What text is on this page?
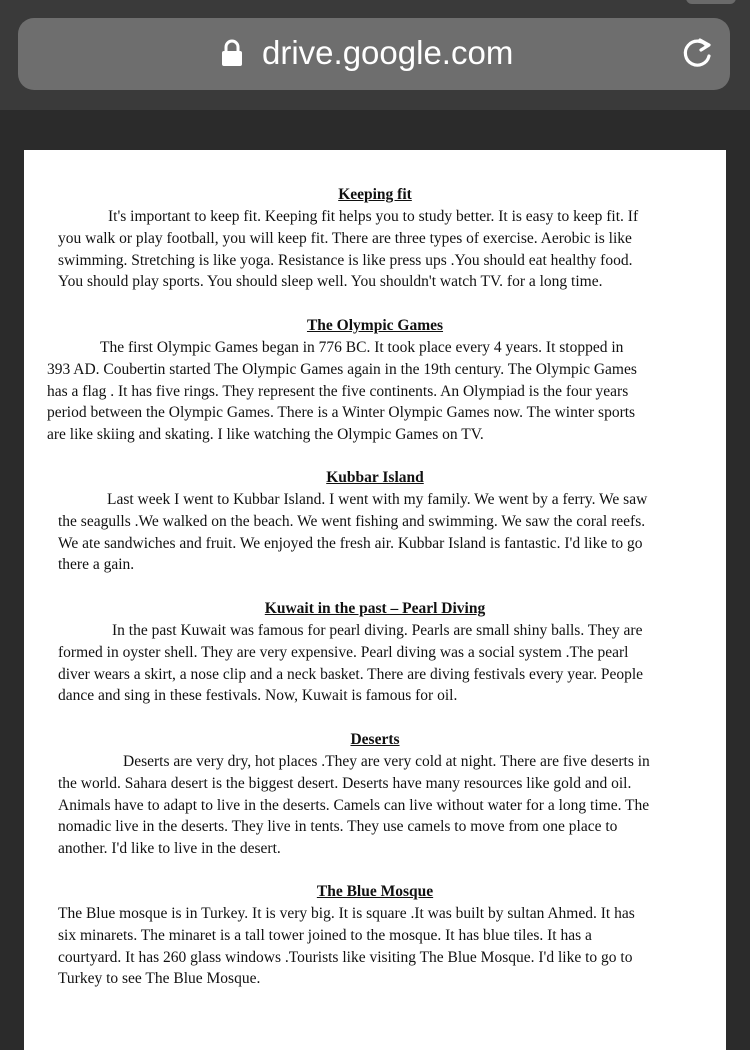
drive.google.com
Keeping fit
It's important to keep fit. Keeping fit helps you to study better. It is easy to keep fit. If
you walk or play football, you will keep fit. There are three types of exercise. Aerobic is like
swimming. Stretching is like yoga. Resistance is like press ups .You should eat healthy food.
You should play sports. You should sleep well. You shouldn't watch TV. for a long time.
The Olympic Games
The first Olympic Games began in 776 BC. It took place every 4 years. It stopped in
393 AD. Coubertin started The Olympic Games again in the 19th century. The Olympic Games
has a flag . It has five rings. They represent the five continents. An Olympiad is the four years
period between the Olympic Games. There is a Winter Olympic Games now. The winter sports
are like skiing and skating. I like watching the Olympic Games on TV.
Kubbar Island
Last week I went to Kubbar Island. I went with my family. We went by a ferry. We saw
the seagulls .We walked on the beach. We went fishing and swimming. We saw the coral reefs.
We ate sandwiches and fruit. We enjoyed the fresh air. Kubbar Island is fantastic. I'd like to go
there a gain.
Kuwait in the past – Pearl Diving
In the past Kuwait was famous for pearl diving. Pearls are small shiny balls. They are
formed in oyster shell. They are very expensive. Pearl diving was a social system .The pearl
diver wears a skirt, a nose clip and a neck basket. There are diving festivals every year. People
dance and sing in these festivals. Now, Kuwait is famous for oil.
Deserts
Deserts are very dry, hot places .They are very cold at night. There are five deserts in
the world. Sahara desert is the biggest desert. Deserts have many resources like gold and oil.
Animals have to adapt to live in the deserts. Camels can live without water for a long time. The
nomadic live in the deserts. They live in tents. They use camels to move from one place to
another. I'd like to live in the desert.
The Blue Mosque
The Blue mosque is in Turkey. It is very big. It is square .It was built by sultan Ahmed. It has
six minarets. The minaret is a tall tower joined to the mosque. It has blue tiles. It has a
courtyard. It has 260 glass windows .Tourists like visiting The Blue Mosque. I'd like to go to
Turkey to see The Blue Mosque.
